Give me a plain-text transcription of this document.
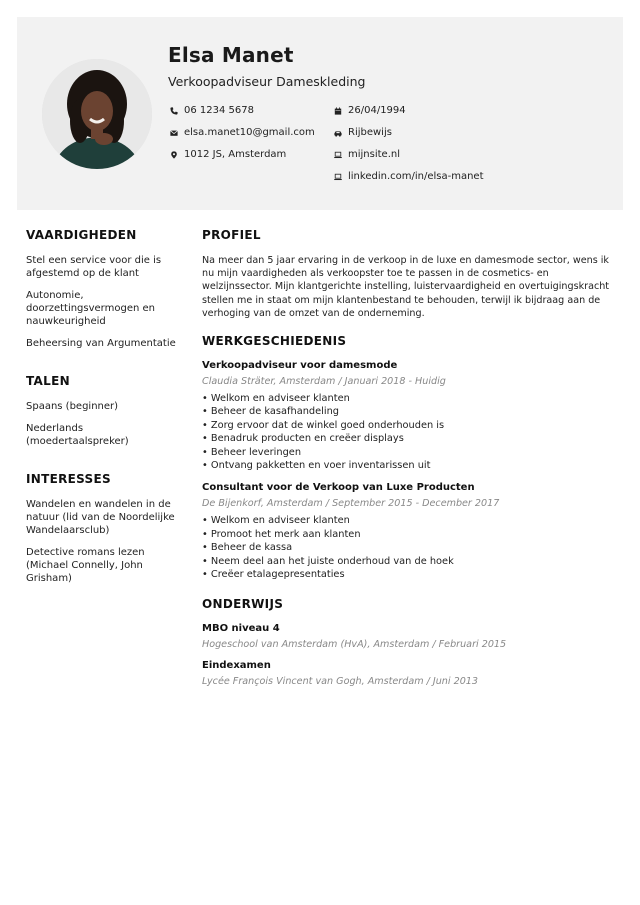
Elsa Manet
Verkoopadviseur Dameskleding
06 1234 5678
elsa.manet10@gmail.com
1012 JS, Amsterdam
26/04/1994
Rijbewijs
mijnsite.nl
linkedin.com/in/elsa-manet
VAARDIGHEDEN
Stel een service voor die is afgestemd op de klant
Autonomie, doorzettingsvermogen en nauwkeurigheid
Beheersing van Argumentatie
TALEN
Spaans (beginner)
Nederlands (moedertaalspreker)
INTERESSES
Wandelen en wandelen in de natuur (lid van de Noordelijke Wandelaarsclub)
Detective romans lezen (Michael Connelly, John Grisham)
PROFIEL
Na meer dan 5 jaar ervaring in de verkoop in de luxe en damesmode sector, wens ik nu mijn vaardigheden als verkoopster toe te passen in de cosmetics- en welzijnssector. Mijn klantgerichte instelling, luistervaardigheid en overtuigingskracht stellen me in staat om mijn klantenbestand te behouden, terwijl ik bijdraag aan de verhoging van de omzet van de onderneming.
WERKGESCHIEDENIS
Verkoopadviseur voor damesmode
Claudia Sträter, Amsterdam / Januari 2018 - Huidig
• Welkom en adviseer klanten
• Beheer de kasafhandeling
• Zorg ervoor dat de winkel goed onderhouden is
• Benadruk producten en creëer displays
• Beheer leveringen
• Ontvang pakketten en voer inventarissen uit
Consultant voor de Verkoop van Luxe Producten
De Bijenkorf, Amsterdam / September 2015 - December 2017
• Welkom en adviseer klanten
• Promoot het merk aan klanten
• Beheer de kassa
• Neem deel aan het juiste onderhoud van de hoek
• Creëer etalagepresentaties
ONDERWIJS
MBO niveau 4
Hogeschool van Amsterdam (HvA), Amsterdam / Februari 2015
Eindexamen
Lycée François Vincent van Gogh, Amsterdam / Juni 2013
